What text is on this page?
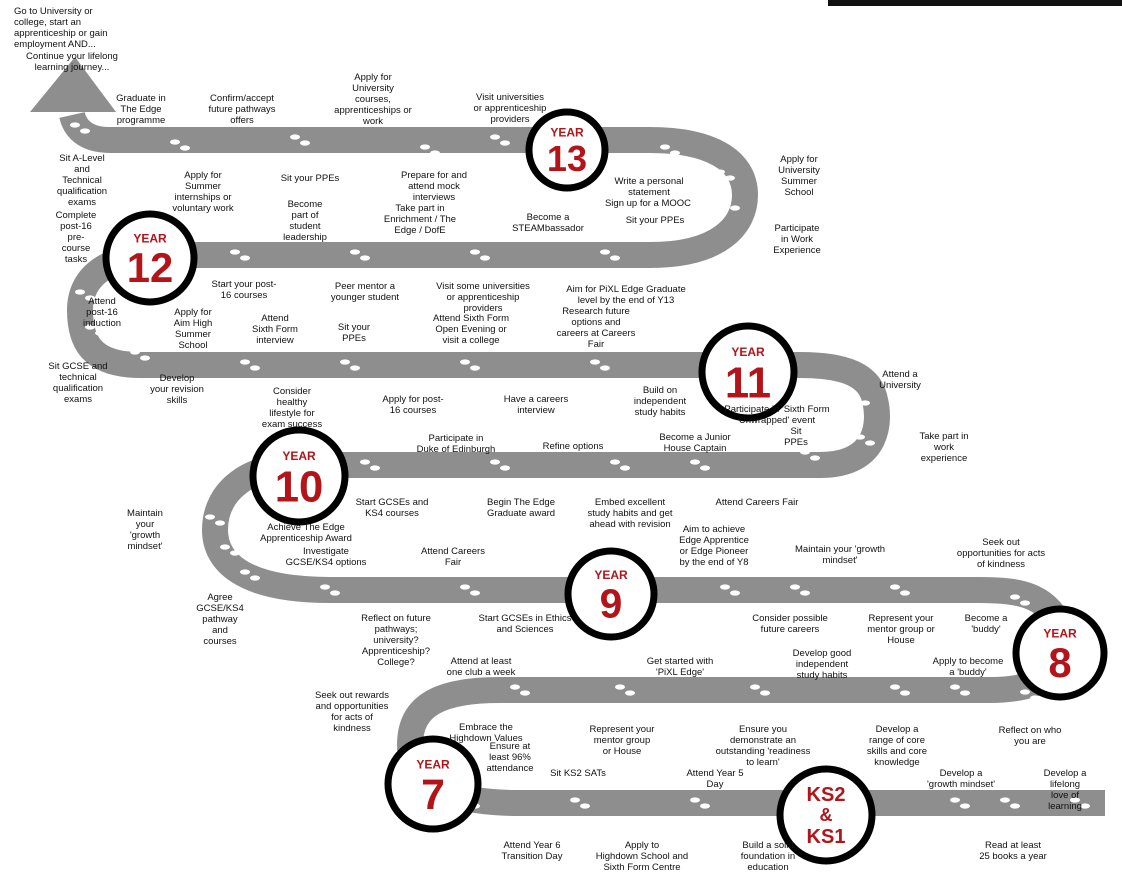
YEAR
13
YEAR
12
YEAR
11
YEAR
10
YEAR
9
YEAR
8
YEAR
7	KS2
&
KS1
Go to University or
college, start an
apprenticeship or gain
employment AND...
Continue your lifelong
learning journey...
Graduate in
The Edge
programme
Confirm/accept
future pathways
offers
Apply for
University
courses,
apprenticeships or
work
Visit universities
or apprenticeship
providers
Sit A-Level
and
Technical
qualification
exams
Apply for
Summer
internships or
voluntary work
Sit your PPEs	Prepare for and
attend mock
interviews
Write a personal
statement
Apply for
University
Summer
School
Sign up for a MOOC
Sit your PPEs
Participate
in Work
Experience
Complete
post-16
pre-
course
tasks
Become
part of
student
leadership
Take part in
Enrichment / The
Edge / DofE
Become a
STEAMbassador
Start your post-
16 courses
Peer mentor a
younger student
Visit some universities
or apprenticeship
providers
Aim for PiXL Edge Graduate
level by the end of Y13
Attend
post-16
induction
Apply for
Aim High
Summer
School
Attend
Sixth Form
interview
Sit your
PPEs
Attend Sixth Form
Open Evening or
visit a college
Research future
options and
careers at Careers
Fair
Sit GCSE and
technical
qualification
exams
Develop
your revision
skills
Consider
healthy
lifestyle for
exam success
Apply for post-
16 courses
Have a careers
interview
Build on
independent
study habits
Attend a
University
Participate in 'Sixth Form
Unwrapped' event
Take part in
work
experience
Participate in
Duke of Edinburgh	Refine options
Become a Junior
House Captain
Sit
PPEs
Maintain
your
'growth
mindset'
Start GCSEs and
KS4 courses
Begin The Edge
Graduate award
Embed excellent
study habits and get
ahead with revision
Attend Careers Fair
Achieve The Edge
Apprenticeship Award
Investigate
GCSE/KS4 options
Attend Careers
Fair
Aim to achieve
Edge Apprentice
or Edge Pioneer
by the end of Y8
Maintain your 'growth
mindset'
Seek out
opportunities for acts
of kindness
Agree
GCSE/KS4
pathway
and
courses
Reflect on future
pathways;
university?
Apprenticeship?
College?
Start GCSEs in Ethics
and Sciences
Consider possible
future careers
Represent your
mentor group or
House
Become a
'buddy'
Attend at least
one club a week
Get started with
'PiXL Edge'
Develop good
independent
study habits
Apply to become
a 'buddy'
Seek out rewards
and opportunities
for acts of
kindness	Embrace the
Highdown Values
Ensure at
least 96%
attendance
Represent your
mentor group
or House
Ensure you
demonstrate an
outstanding 'readiness
to learn'
Develop a
range of core
skills and core
knowledge
Reflect on who
you are
Sit KS2 SATs	Attend Year 5
Day
Develop a
'growth mindset'
Develop a lifelong
love of learning
Attend Year 6
Transition Day
Apply to
Highdown School and
Sixth Form Centre
Build a solid
foundation in
education
Read at least
25 books a year
